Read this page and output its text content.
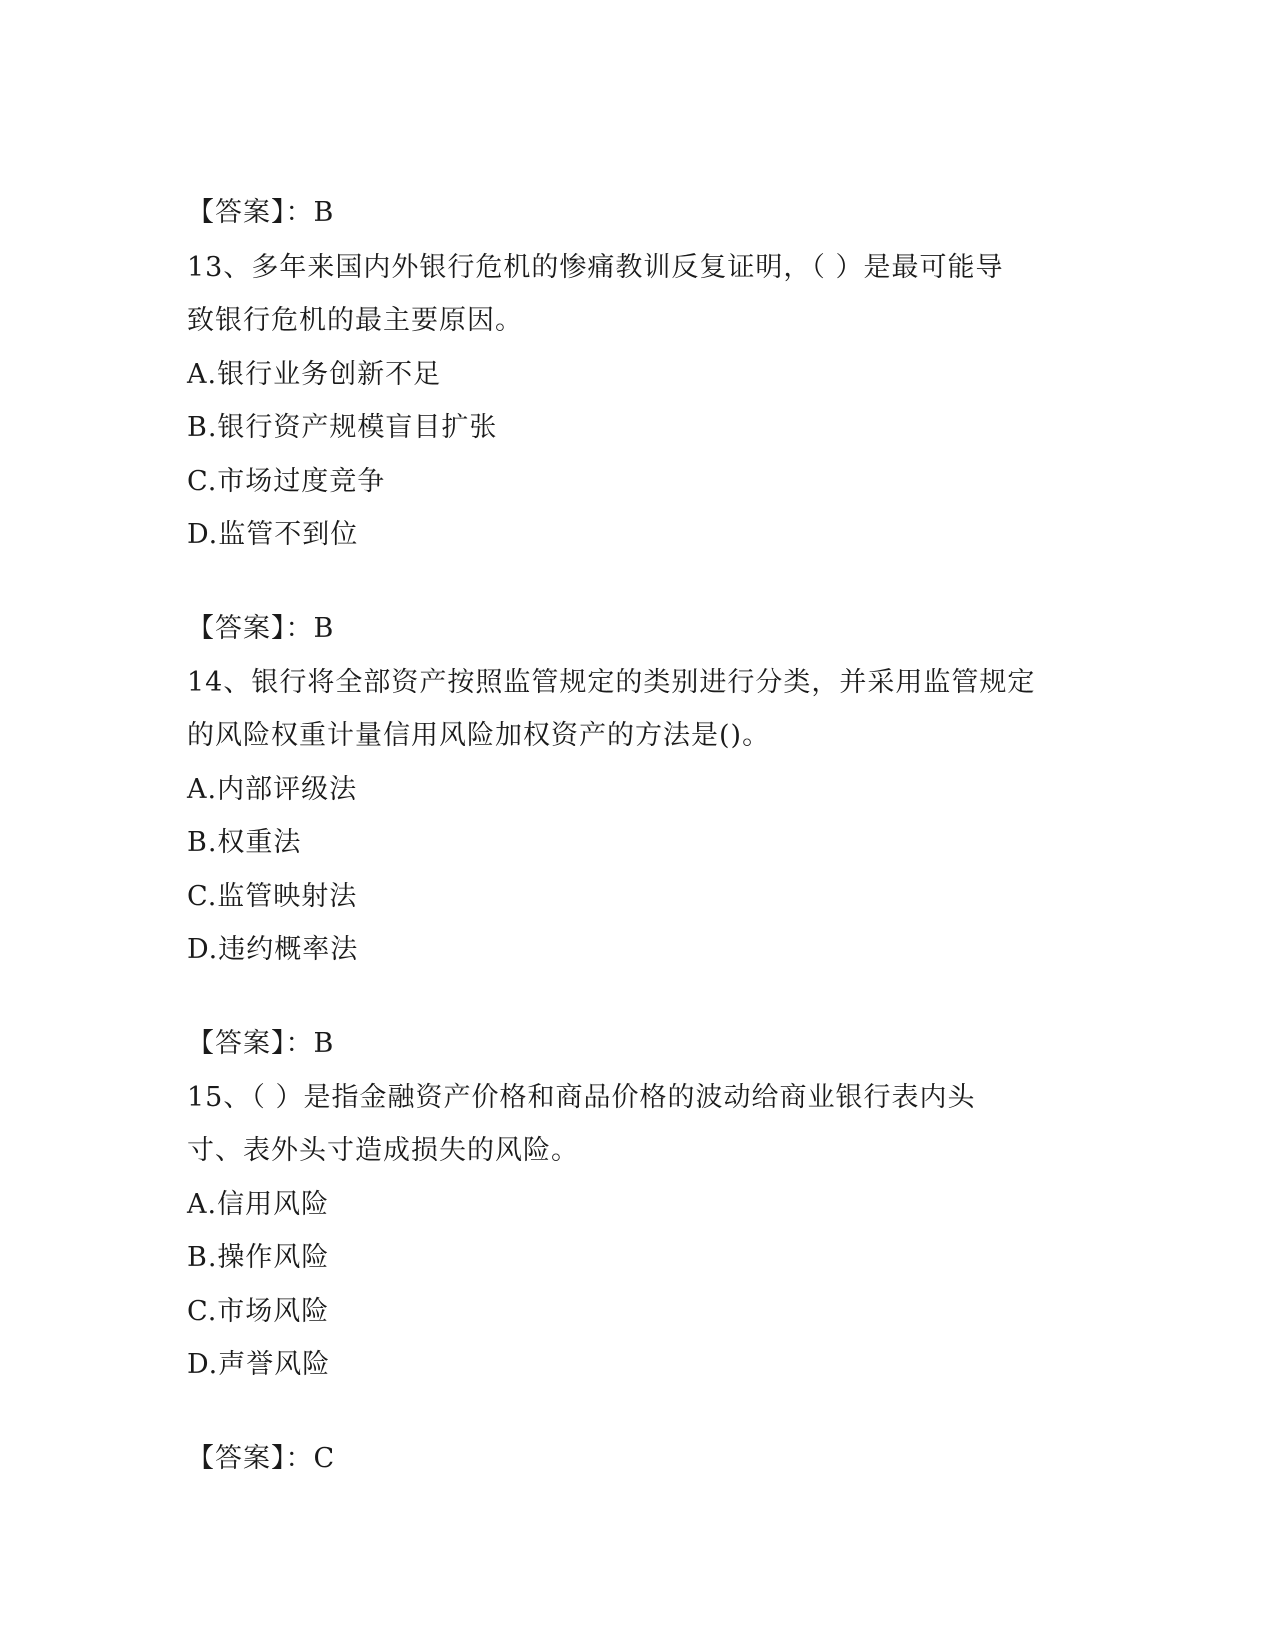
【答案】：B
13、多年来国内外银行危机的惨痛教训反复证明，（ ）是最可能导
致银行危机的最主要原因。
A.银行业务创新不足
B.银行资产规模盲目扩张
C.市场过度竞争
D.监管不到位
【答案】：B
14、银行将全部资产按照监管规定的类别进行分类，并采用监管规定
的风险权重计量信用风险加权资产的方法是()。
A.内部评级法
B.权重法
C.监管映射法
D.违约概率法
【答案】：B
15、（ ）是指金融资产价格和商品价格的波动给商业银行表内头
寸、表外头寸造成损失的风险。
A.信用风险
B.操作风险
C.市场风险
D.声誉风险
【答案】：C
